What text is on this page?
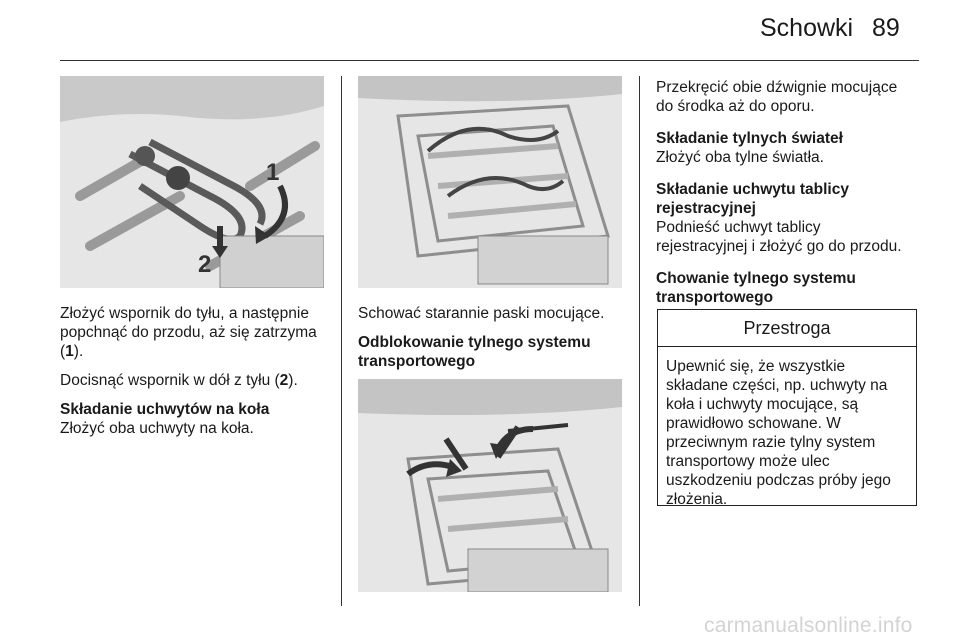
Schowki 89
1
2

Złożyć wspornik do tyłu, a następnie popchnąć do przodu, aż się zatrzyma (1).

Docisnąć wspornik w dół z tyłu (2).

Składanie uchwytów na koła

Złożyć oba uchwyty na koła.

Schować starannie paski mocujące.

Odblokowanie tylnego systemu

transportowego

Przekręcić obie dźwignie mocujące

do środka aż do oporu.

Składanie tylnych świateł

Złożyć oba tylne światła.

Składanie uchwytu tablicy

rejestracyjnej

Podnieść uchwyt tablicy

rejestracyjnej i złożyć go do przodu.

Chowanie tylnego systemu

transportowego

Przestroga
Upewnić się, że wszystkie
składane części, np. uchwyty na
koła i uchwyty mocujące, są
prawidłowo schowane. W
przeciwnym razie tylny system
transportowy może ulec
uszkodzeniu podczas próby jego
złożenia.
carmanualsonline.info
